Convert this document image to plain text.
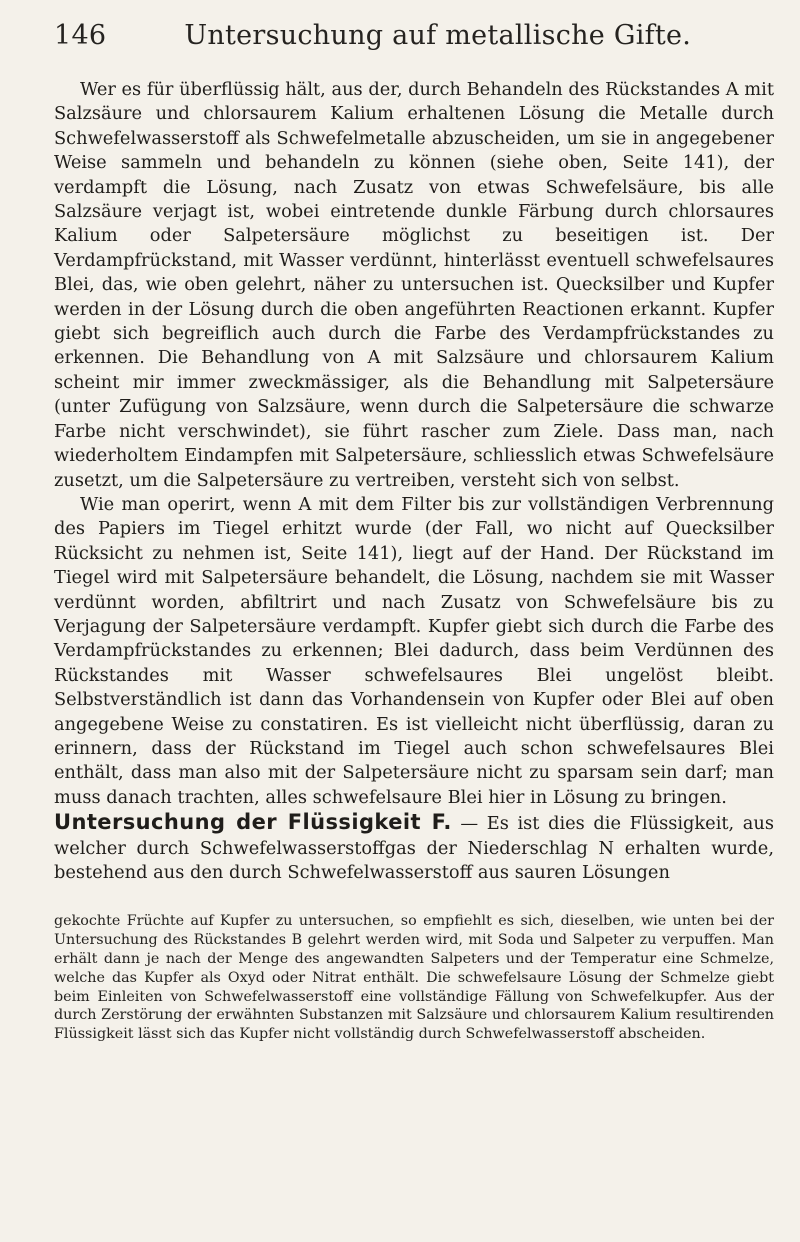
146	Untersuchung auf metallische Gifte.

Wer es für überflüssig hält, aus der, durch Behandeln des Rückstandes A mit Salzsäure und chlorsaurem Kalium erhaltenen Lösung die Metalle durch Schwefelwasserstoff als Schwefelmetalle abzuscheiden, um sie in angegebener Weise sammeln und behandeln zu können (siehe oben, Seite 141), der verdampft die Lösung, nach Zusatz von etwas Schwefelsäure, bis alle Salzsäure verjagt ist, wobei eintretende dunkle Färbung durch chlorsaures Kalium oder Salpetersäure möglichst zu beseitigen ist. Der Verdampfrückstand, mit Wasser verdünnt, hinterlässt eventuell schwefelsaures Blei, das, wie oben gelehrt, näher zu untersuchen ist. Quecksilber und Kupfer werden in der Lösung durch die oben angeführten Reactionen erkannt. Kupfer giebt sich begreiflich auch durch die Farbe des Verdampfrückstandes zu erkennen. Die Behandlung von A mit Salzsäure und chlorsaurem Kalium scheint mir immer zweckmässiger, als die Behandlung mit Salpetersäure (unter Zufügung von Salzsäure, wenn durch die Salpetersäure die schwarze Farbe nicht verschwindet), sie führt rascher zum Ziele. Dass man, nach wiederholtem Eindampfen mit Salpetersäure, schliesslich etwas Schwefelsäure zusetzt, um die Salpetersäure zu vertreiben, versteht sich von selbst.

Wie man operirt, wenn A mit dem Filter bis zur vollständigen Verbrennung des Papiers im Tiegel erhitzt wurde (der Fall, wo nicht auf Quecksilber Rücksicht zu nehmen ist, Seite 141), liegt auf der Hand. Der Rückstand im Tiegel wird mit Salpetersäure behandelt, die Lösung, nachdem sie mit Wasser verdünnt worden, abfiltrirt und nach Zusatz von Schwefelsäure bis zu Verjagung der Salpetersäure verdampft. Kupfer giebt sich durch die Farbe des Verdampfrückstandes zu erkennen; Blei dadurch, dass beim Verdünnen des Rückstandes mit Wasser schwefelsaures Blei ungelöst bleibt. Selbstverständlich ist dann das Vorhandensein von Kupfer oder Blei auf oben angegebene Weise zu constatiren. Es ist vielleicht nicht überflüssig, daran zu erinnern, dass der Rückstand im Tiegel auch schon schwefelsaures Blei enthält, dass man also mit der Salpetersäure nicht zu sparsam sein darf; man muss danach trachten, alles schwefelsaure Blei hier in Lösung zu bringen.

Untersuchung der Flüssigkeit F. — Es ist dies die Flüssigkeit, aus welcher durch Schwefelwasserstoffgas der Niederschlag N erhalten wurde, bestehend aus den durch Schwefelwasserstoff aus sauren Lösungen

gekochte Früchte auf Kupfer zu untersuchen, so empfiehlt es sich, dieselben, wie unten bei der Untersuchung des Rückstandes B gelehrt werden wird, mit Soda und Salpeter zu verpuffen. Man erhält dann je nach der Menge des angewandten Salpeters und der Temperatur eine Schmelze, welche das Kupfer als Oxyd oder Nitrat enthält. Die schwefelsaure Lösung der Schmelze giebt beim Einleiten von Schwefelwasserstoff eine vollständige Fällung von Schwefelkupfer. Aus der durch Zerstörung der erwähnten Substanzen mit Salzsäure und chlorsaurem Kalium resultirenden Flüssigkeit lässt sich das Kupfer nicht vollständig durch Schwefelwasserstoff abscheiden.
